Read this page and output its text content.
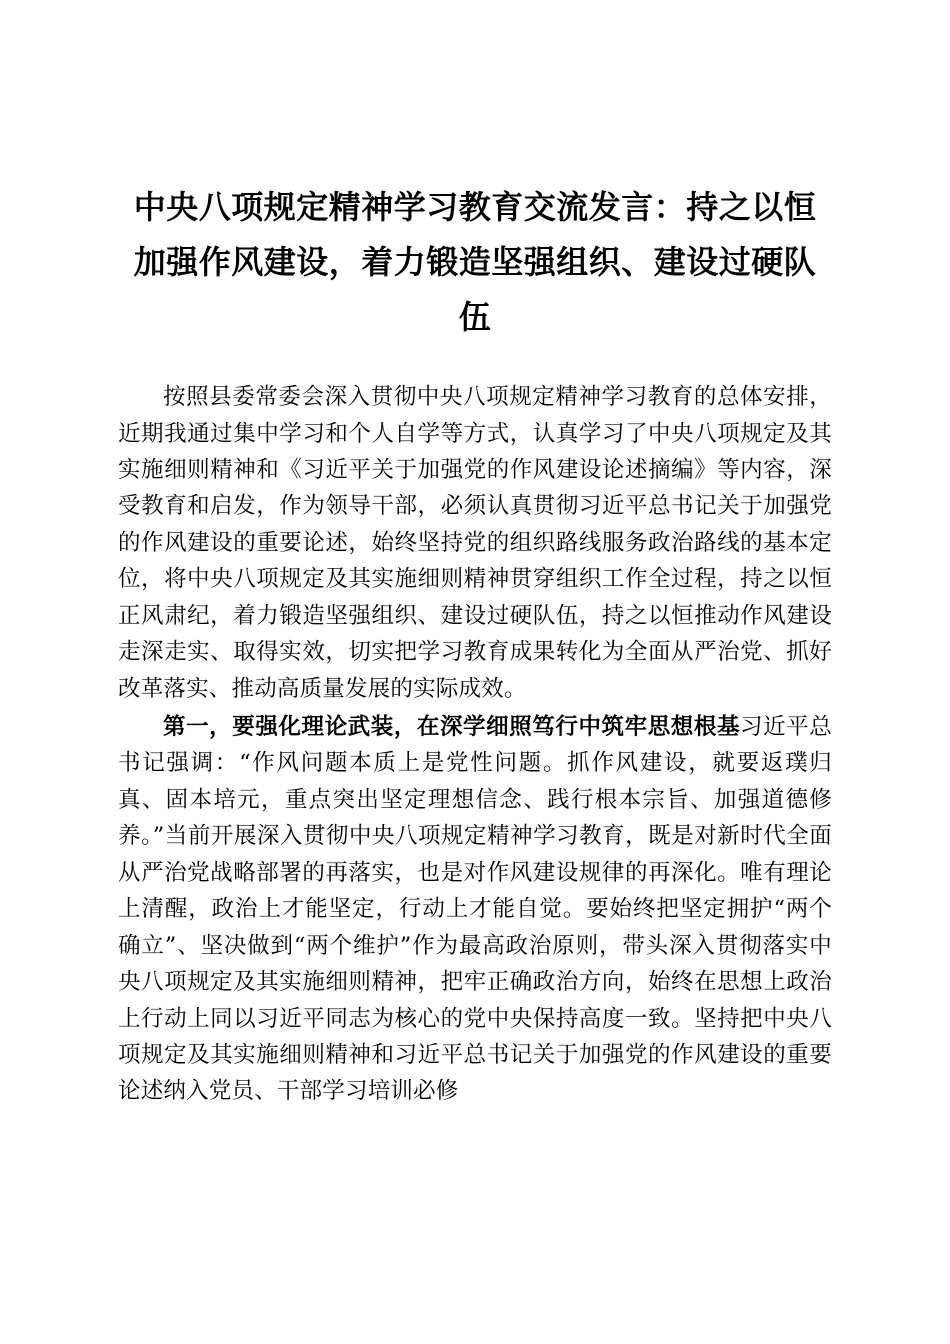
中央八项规定精神学习教育交流发言：持之以恒加强作风建设，着力锻造坚强组织、建设过硬队伍

按照县委常委会深入贯彻中央八项规定精神学习教育的总体安排，近期我通过集中学习和个人自学等方式，认真学习了中央八项规定及其实施细则精神和《习近平关于加强党的作风建设论述摘编》等内容，深受教育和启发，作为领导干部，必须认真贯彻习近平总书记关于加强党的作风建设的重要论述，始终坚持党的组织路线服务政治路线的基本定位，将中央八项规定及其实施细则精神贯穿组织工作全过程，持之以恒正风肃纪，着力锻造坚强组织、建设过硬队伍，持之以恒推动作风建设走深走实、取得实效，切实把学习教育成果转化为全面从严治党、抓好改革落实、推动高质量发展的实际成效。

第一，要强化理论武装，在深学细照笃行中筑牢思想根基习近平总书记强调：“作风问题本质上是党性问题。抓作风建设，就要返璞归真、固本培元，重点突出坚定理想信念、践行根本宗旨、加强道德修养。”当前开展深入贯彻中央八项规定精神学习教育，既是对新时代全面从严治党战略部署的再落实，也是对作风建设规律的再深化。唯有理论上清醒，政治上才能坚定，行动上才能自觉。要始终把坚定拥护“两个确立”、坚决做到“两个维护”作为最高政治原则，带头深入贯彻落实中央八项规定及其实施细则精神，把牢正确政治方向，始终在思想上政治上行动上同以习近平同志为核心的党中央保持高度一致。坚持把中央八项规定及其实施细则精神和习近平总书记关于加强党的作风建设的重要论述纳入党员、干部学习培训必修
